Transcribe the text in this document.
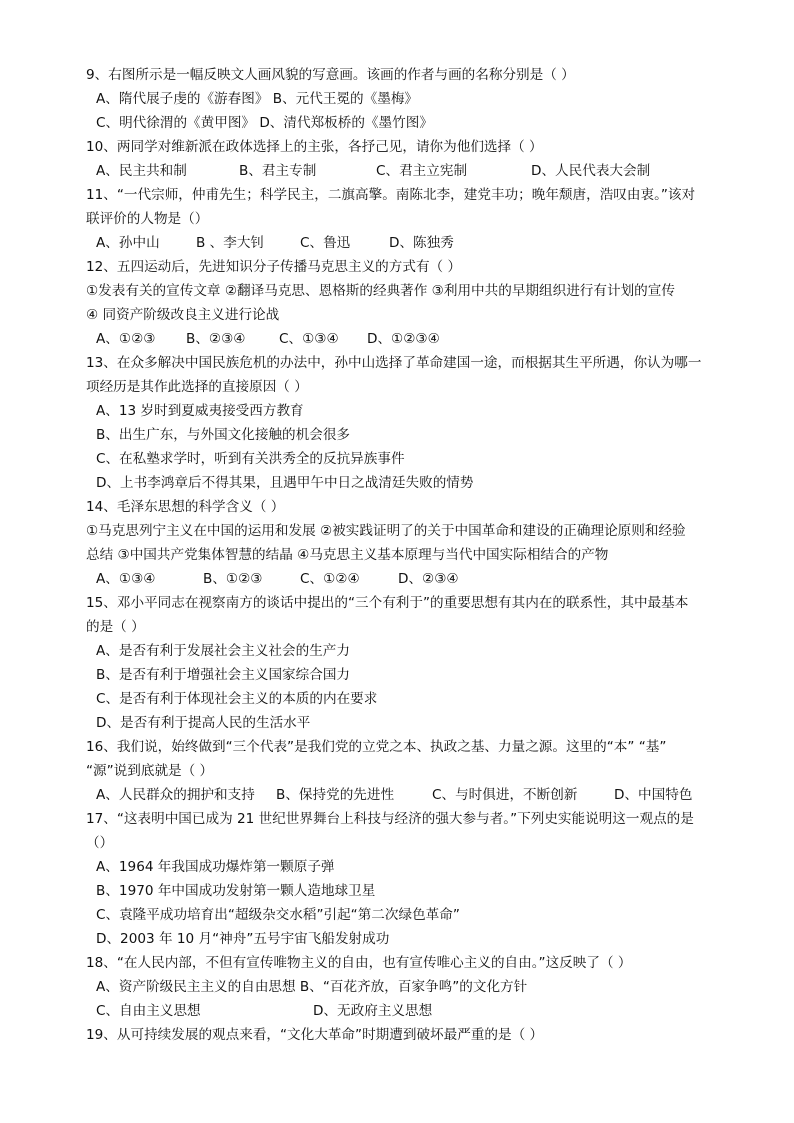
9、右图所示是一幅反映文人画风貌的写意画。该画的作者与画的名称分别是（ ）
A、隋代展子虔的《游春图》 B、元代王冕的《墨梅》
C、明代徐渭的《黄甲图》 D、清代郑板桥的《墨竹图》
10、两同学对维新派在政体选择上的主张，各抒己见，请你为他们选择（ ）
A、民主共和制	B、君主专制	C、君主立宪制	D、人民代表大会制
11、“一代宗师，仲甫先生；科学民主，二旗高擎。南陈北李，建党丰功；晚年颓唐，浩叹由衷。”该对
联评价的人物是（）
A、孙中山	B 、李大钊	C、鲁迅	D、陈独秀
12、五四运动后，先进知识分子传播马克思主义的方式有（ ）
①发表有关的宣传文章 ②翻译马克思、恩格斯的经典著作 ③利用中共的早期组织进行有计划的宣传
④ 同资产阶级改良主义进行论战
A、①②③ B、②③④ C、①③④ D、①②③④
13、在众多解决中国民族危机的办法中，孙中山选择了革命建国一途，而根据其生平所遇，你认为哪一
项经历是其作此选择的直接原因（ ）
A、13 岁时到夏威夷接受西方教育
B、出生广东，与外国文化接触的机会很多
C、在私塾求学时，听到有关洪秀全的反抗异族事件
D、上书李鸿章后不得其果，且遇甲午中日之战清廷失败的情势
14、毛泽东思想的科学含义（ ）
①马克思列宁主义在中国的运用和发展 ②被实践证明了的关于中国革命和建设的正确理论原则和经验
总结 ③中国共产党集体智慧的结晶 ④马克思主义基本原理与当代中国实际相结合的产物
A、①③④	B、①②③	C、①②④	D、②③④
15、邓小平同志在视察南方的谈话中提出的“三个有利于”的重要思想有其内在的联系性，其中最基本
的是（ ）
A、是否有利于发展社会主义社会的生产力
B、是否有利于增强社会主义国家综合国力
C、是否有利于体现社会主义的本质的内在要求
D、是否有利于提高人民的生活水平
16、我们说，始终做到“三个代表”是我们党的立党之本、执政之基、力量之源。这里的“本” “基”
“源”说到底就是（ ）
A、人民群众的拥护和支持 B、保持党的先进性	C、与时俱进，不断创新	D、中国特色
17、“这表明中国已成为 21 世纪世界舞台上科技与经济的强大参与者。”下列史实能说明这一观点的是
（）
A、1964 年我国成功爆炸第一颗原子弹
B、1970 年中国成功发射第一颗人造地球卫星
C、袁隆平成功培育出“超级杂交水稻”引起“第二次绿色革命”
D、2003 年 10 月“神舟”五号宇宙飞船发射成功
18、“在人民内部，不但有宣传唯物主义的自由，也有宣传唯心主义的自由。”这反映了（ ）
A、资产阶级民主主义的自由思想 B、“百花齐放，百家争鸣”的文化方针
C、自由主义思想	D、无政府主义思想
19、从可持续发展的观点来看，“文化大革命”时期遭到破坏最严重的是（ ）
